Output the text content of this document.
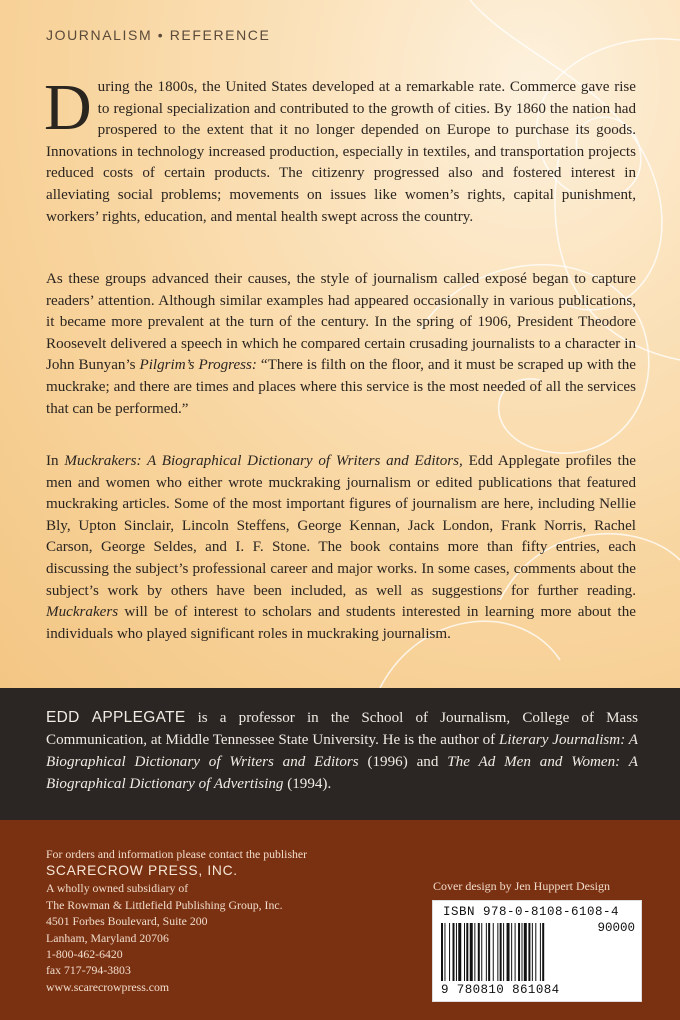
JOURNALISM • REFERENCE
During the 1800s, the United States developed at a remarkable rate. Commerce gave rise to regional specialization and contributed to the growth of cities. By 1860 the nation had prospered to the extent that it no longer depended on Europe to purchase its goods. Innovations in technology increased production, especially in textiles, and transportation projects reduced costs of certain products. The citizenry progressed also and fostered interest in alleviating social problems; movements on issues like women’s rights, capital punishment, workers’ rights, education, and mental health swept across the country.
As these groups advanced their causes, the style of journalism called exposé began to capture readers’ attention. Although similar examples had appeared occasionally in various publications, it became more prevalent at the turn of the century. In the spring of 1906, President Theodore Roosevelt delivered a speech in which he compared certain crusading journalists to a character in John Bunyan’s Pilgrim’s Progress: “There is filth on the floor, and it must be scraped up with the muckrake; and there are times and places where this service is the most needed of all the services that can be performed.”
In Muckrakers: A Biographical Dictionary of Writers and Editors, Edd Applegate profiles the men and women who either wrote muckraking journalism or edited publications that featured muckraking articles. Some of the most important figures of journalism are here, including Nellie Bly, Upton Sinclair, Lincoln Steffens, George Kennan, Jack London, Frank Norris, Rachel Carson, George Seldes, and I. F. Stone. The book contains more than fifty entries, each discussing the subject’s professional career and major works. In some cases, comments about the subject’s work by others have been included, as well as suggestions for further reading. Muckrakers will be of interest to scholars and students interested in learning more about the individuals who played significant roles in muckraking journalism.

EDD APPLEGATE is a professor in the School of Journalism, College of Mass Communication, at Middle Tennessee State University. He is the author of Literary Journalism: A Biographical Dictionary of Writers and Editors (1996) and The Ad Men and Women: A Biographical Dictionary of Advertising (1994).

For orders and information please contact the publisher
SCARECROW PRESS, INC.
A wholly owned subsidiary of
The Rowman & Littlefield Publishing Group, Inc.
4501 Forbes Boulevard, Suite 200
Lanham, Maryland 20706
1-800-462-6420
fax 717-794-3803
www.scarecrowpress.com
Cover design by Jen Huppert Design
ISBN 978-0-8108-6108-4
90000
9 780810 861084
